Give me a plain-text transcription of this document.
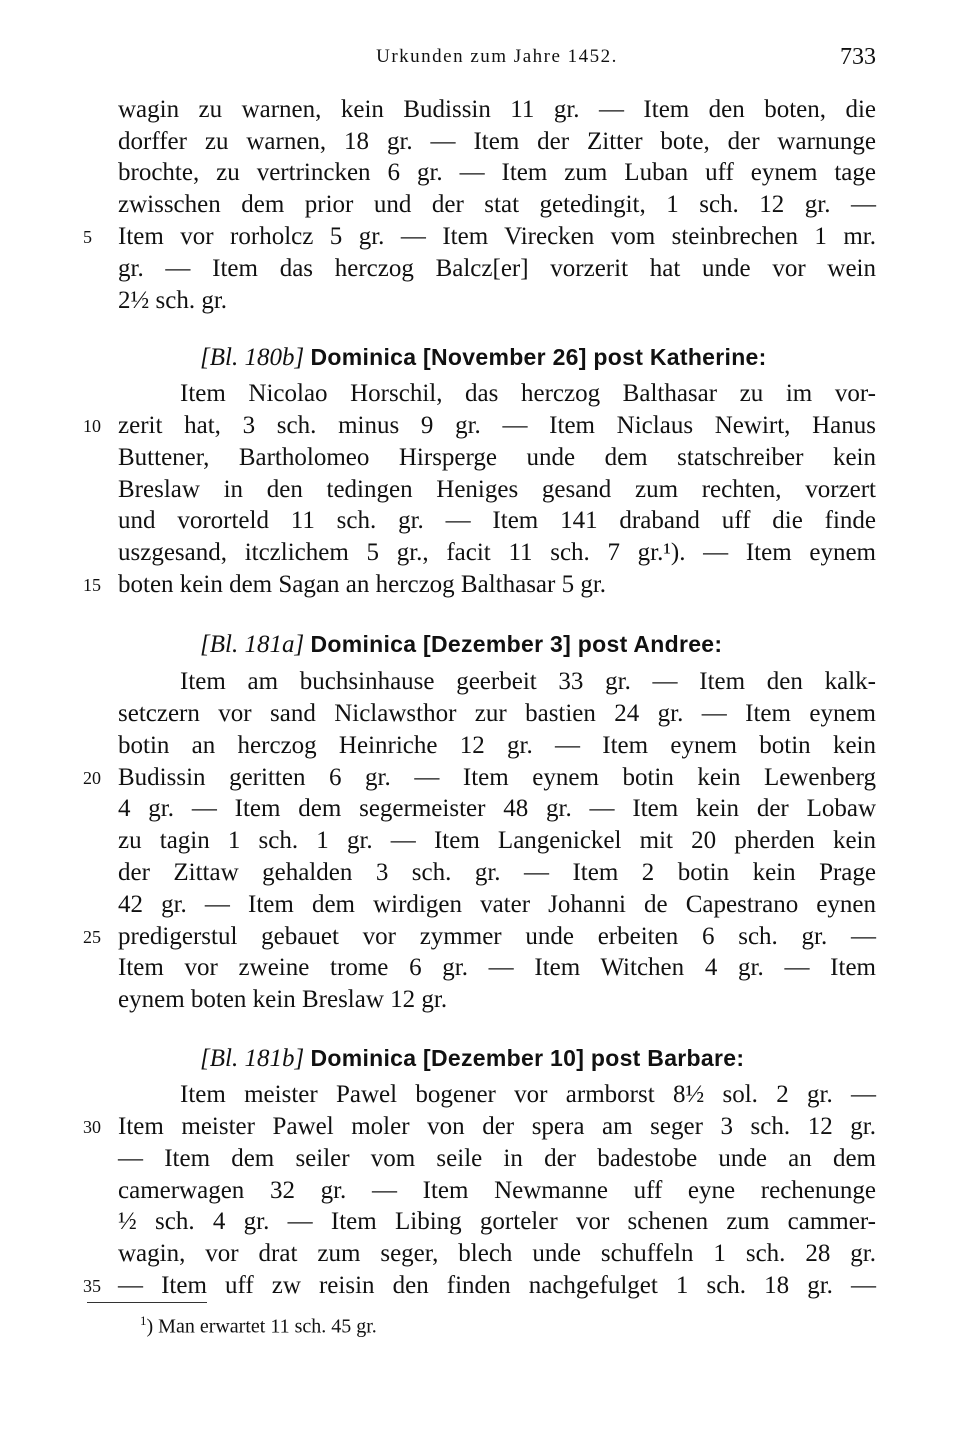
Urkunden zum Jahre 1452.	733
wagin zu warnen, kein Budissin 11 gr. — Item den boten, die
dorffer zu warnen, 18 gr. — Item der Zitter bote, der warnunge
brochte, zu vertrincken 6 gr. — Item zum Luban uff eynem tage
zwisschen dem prior und der stat getedingit, 1 sch. 12 gr. —
Item vor rorholcz 5 gr. — Item Virecken vom steinbrechen 1 mr.
gr. — Item das herczog Balcz[er] vorzerit hat unde vor wein
2½ sch. gr.
[Bl. 180b] Dominica [November 26] post Katherine:
Item Nicolao Horschil, das herczog Balthasar zu im vor-
zerit hat, 3 sch. minus 9 gr. — Item Niclaus Newirt, Hanus
Buttener, Bartholomeo Hirsperge unde dem statschreiber kein
Breslaw in den tedingen Heniges gesand zum rechten, vorzert
und vororteld 11 sch. gr. — Item 141 draband uff die finde
uszgesand, itczlichem 5 gr., facit 11 sch. 7 gr.¹). — Item eynem
boten kein dem Sagan an herczog Balthasar 5 gr.
[Bl. 181a] Dominica [Dezember 3] post Andree:
Item am buchsinhause geerbeit 33 gr. — Item den kalk-
setczern vor sand Niclawsthor zur bastien 24 gr. — Item eynem
botin an herczog Heinriche 12 gr. — Item eynem botin kein
Budissin geritten 6 gr. — Item eynem botin kein Lewenberg
4 gr. — Item dem segermeister 48 gr. — Item kein der Lobaw
zu tagin 1 sch. 1 gr. — Item Langenickel mit 20 pherden kein
der Zittaw gehalden 3 sch. gr. — Item 2 botin kein Prage
42 gr. — Item dem wirdigen vater Johanni de Capestrano eynen
predigerstul gebauet vor zymmer unde erbeiten 6 sch. gr. —
Item vor zweine trome 6 gr. — Item Witchen 4 gr. — Item
eynem boten kein Breslaw 12 gr.
[Bl. 181b] Dominica [Dezember 10] post Barbare:
Item meister Pawel bogener vor armborst 8½ sol. 2 gr. —
Item meister Pawel moler von der spera am seger 3 sch. 12 gr.
— Item dem seiler vom seile in der badestobe unde an dem
camerwagen 32 gr. — Item Newmanne uff eyne rechenunge
½ sch. 4 gr. — Item Libing gorteler vor schenen zum cammer-
wagin, vor drat zum seger, blech unde schuffeln 1 sch. 28 gr.
— Item uff zw reisin den finden nachgefulget 1 sch. 18 gr. —
5
10
15
20
25
30
35
$^1$) Man erwartet 11 sch. 45 gr.
